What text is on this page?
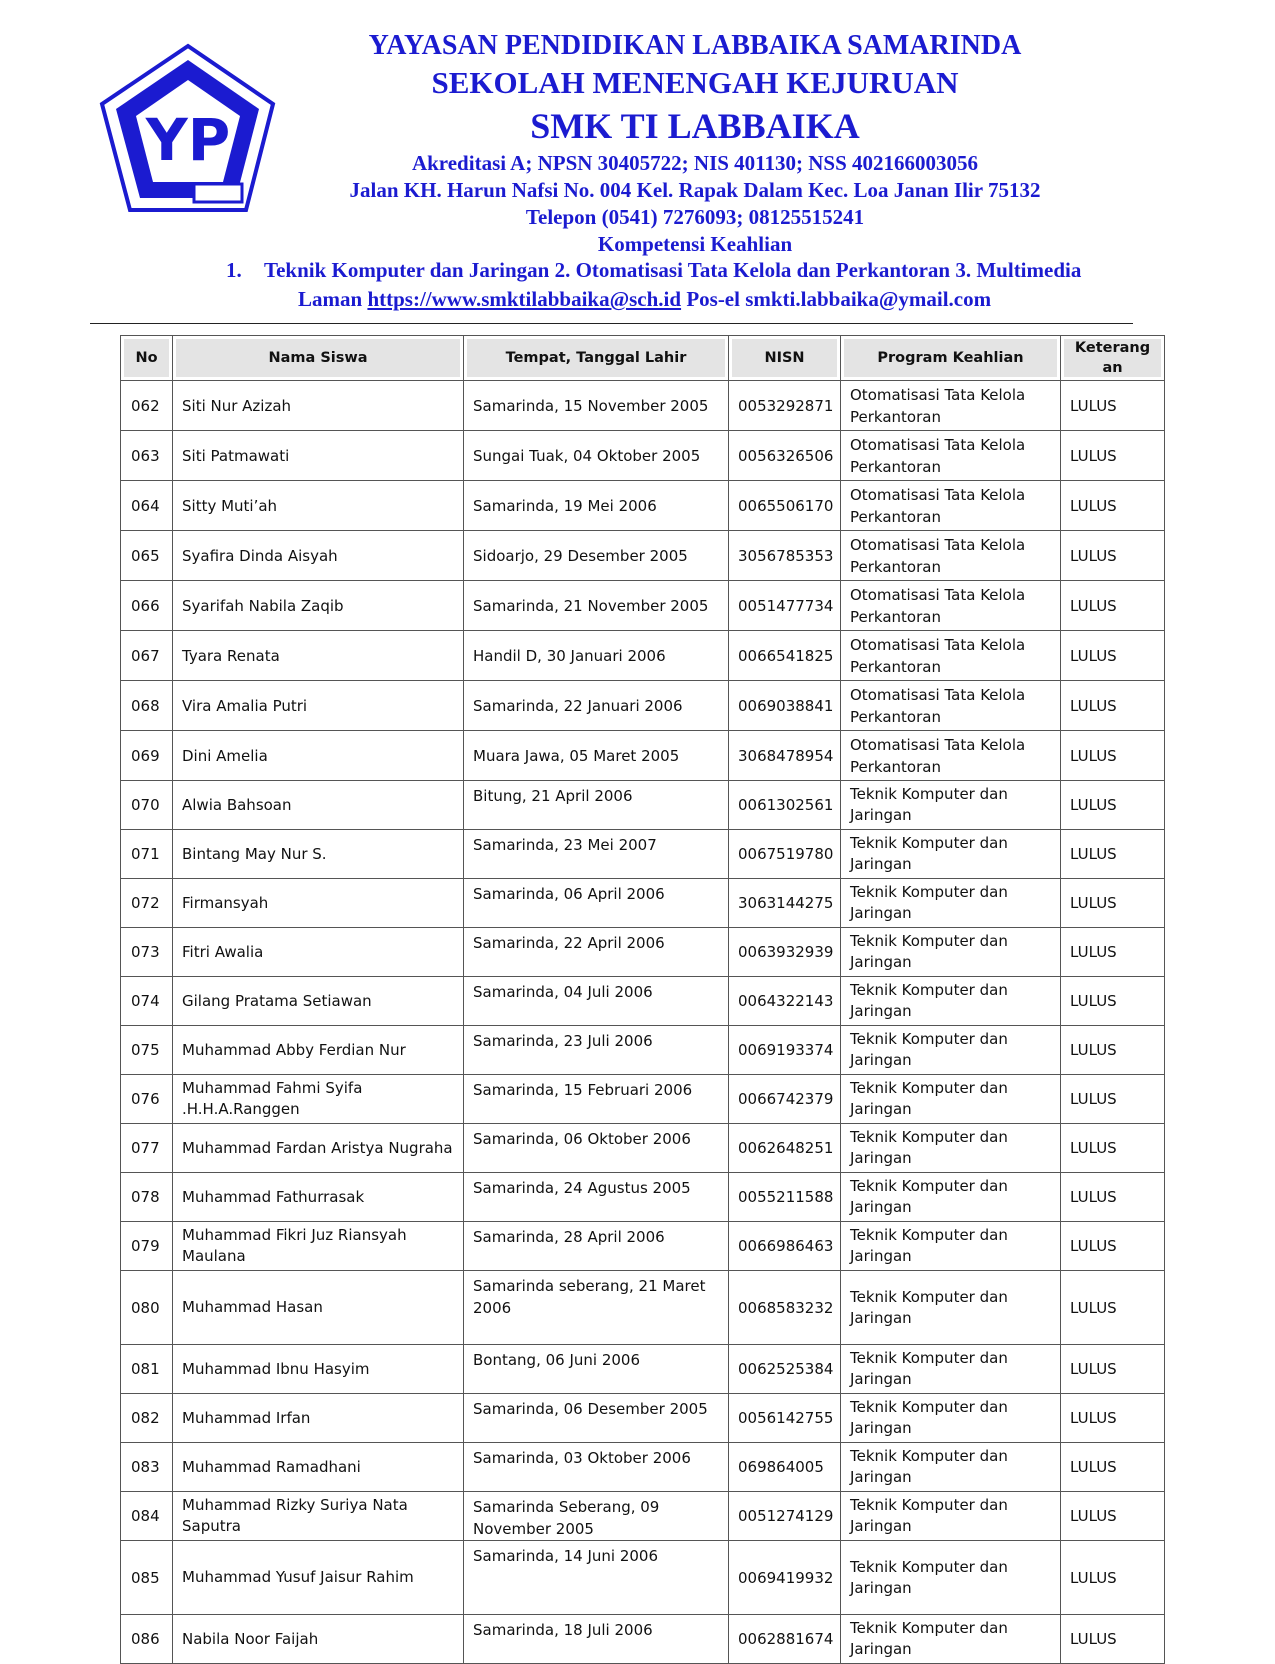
YP
YAYASAN PENDIDIKAN LABBAIKA SAMARINDA
SEKOLAH MENENGAH KEJURUAN
SMK TI LABBAIKA
Akreditasi A; NPSN 30405722; NIS 401130; NSS 402166003056
Jalan KH. Harun Nafsi No. 004 Kel. Rapak Dalam Kec. Loa Janan Ilir 75132
Telepon (0541) 7276093; 08125515241
Kompetensi Keahlian
1. Teknik Komputer dan Jaringan 2. Otomatisasi Tata Kelola dan Perkantoran 3. Multimedia
Laman https://www.smktilabbaika@sch.id Pos-el smkti.labbaika@ymail.com
No	Nama Siswa	Tempat, Tanggal Lahir	NISN	Program Keahlian	Keterang an
062	Siti Nur Azizah	Samarinda, 15 November 2005	0053292871	Otomatisasi Tata Kelola Perkantoran	LULUS
063	Siti Patmawati	Sungai Tuak, 04 Oktober 2005	0056326506	Otomatisasi Tata Kelola Perkantoran	LULUS
064	Sitty Muti’ah	Samarinda, 19 Mei 2006	0065506170	Otomatisasi Tata Kelola Perkantoran	LULUS
065	Syafira Dinda Aisyah	Sidoarjo, 29 Desember 2005	3056785353	Otomatisasi Tata Kelola Perkantoran	LULUS
066	Syarifah Nabila Zaqib	Samarinda, 21 November 2005	0051477734	Otomatisasi Tata Kelola Perkantoran	LULUS
067	Tyara Renata	Handil D, 30 Januari 2006	0066541825	Otomatisasi Tata Kelola Perkantoran	LULUS
068	Vira Amalia Putri	Samarinda, 22 Januari 2006	0069038841	Otomatisasi Tata Kelola Perkantoran	LULUS
069	Dini Amelia	Muara Jawa, 05 Maret 2005	3068478954	Otomatisasi Tata Kelola Perkantoran	LULUS
070	Alwia Bahsoan	Bitung, 21 April 2006	0061302561	Teknik Komputer dan Jaringan	LULUS
071	Bintang May Nur S.	Samarinda, 23 Mei 2007	0067519780	Teknik Komputer dan Jaringan	LULUS
072	Firmansyah	Samarinda, 06 April 2006	3063144275	Teknik Komputer dan Jaringan	LULUS
073	Fitri Awalia	Samarinda, 22 April 2006	0063932939	Teknik Komputer dan Jaringan	LULUS
074	Gilang Pratama Setiawan	Samarinda, 04 Juli 2006	0064322143	Teknik Komputer dan Jaringan	LULUS
075	Muhammad Abby Ferdian Nur	Samarinda, 23 Juli 2006	0069193374	Teknik Komputer dan Jaringan	LULUS
076	Muhammad Fahmi Syifa .H.H.A.Ranggen	Samarinda, 15 Februari 2006	0066742379	Teknik Komputer dan Jaringan	LULUS
077	Muhammad Fardan Aristya Nugraha	Samarinda, 06 Oktober 2006	0062648251	Teknik Komputer dan Jaringan	LULUS
078	Muhammad Fathurrasak	Samarinda, 24 Agustus 2005	0055211588	Teknik Komputer dan Jaringan	LULUS
079	Muhammad Fikri Juz Riansyah Maulana	Samarinda, 28 April 2006	0066986463	Teknik Komputer dan Jaringan	LULUS
080	Muhammad Hasan	Samarinda seberang, 21 Maret 2006	0068583232	Teknik Komputer dan Jaringan	LULUS
081	Muhammad Ibnu Hasyim	Bontang, 06 Juni 2006	0062525384	Teknik Komputer dan Jaringan	LULUS
082	Muhammad Irfan	Samarinda, 06 Desember 2005	0056142755	Teknik Komputer dan Jaringan	LULUS
083	Muhammad Ramadhani	Samarinda, 03 Oktober 2006	069864005	Teknik Komputer dan Jaringan	LULUS
084	Muhammad Rizky Suriya Nata Saputra	Samarinda Seberang, 09 November 2005	0051274129	Teknik Komputer dan Jaringan	LULUS
085	Muhammad Yusuf Jaisur Rahim	Samarinda, 14 Juni 2006	0069419932	Teknik Komputer dan Jaringan	LULUS
086	Nabila Noor Faijah	Samarinda, 18 Juli 2006	0062881674	Teknik Komputer dan Jaringan	LULUS
